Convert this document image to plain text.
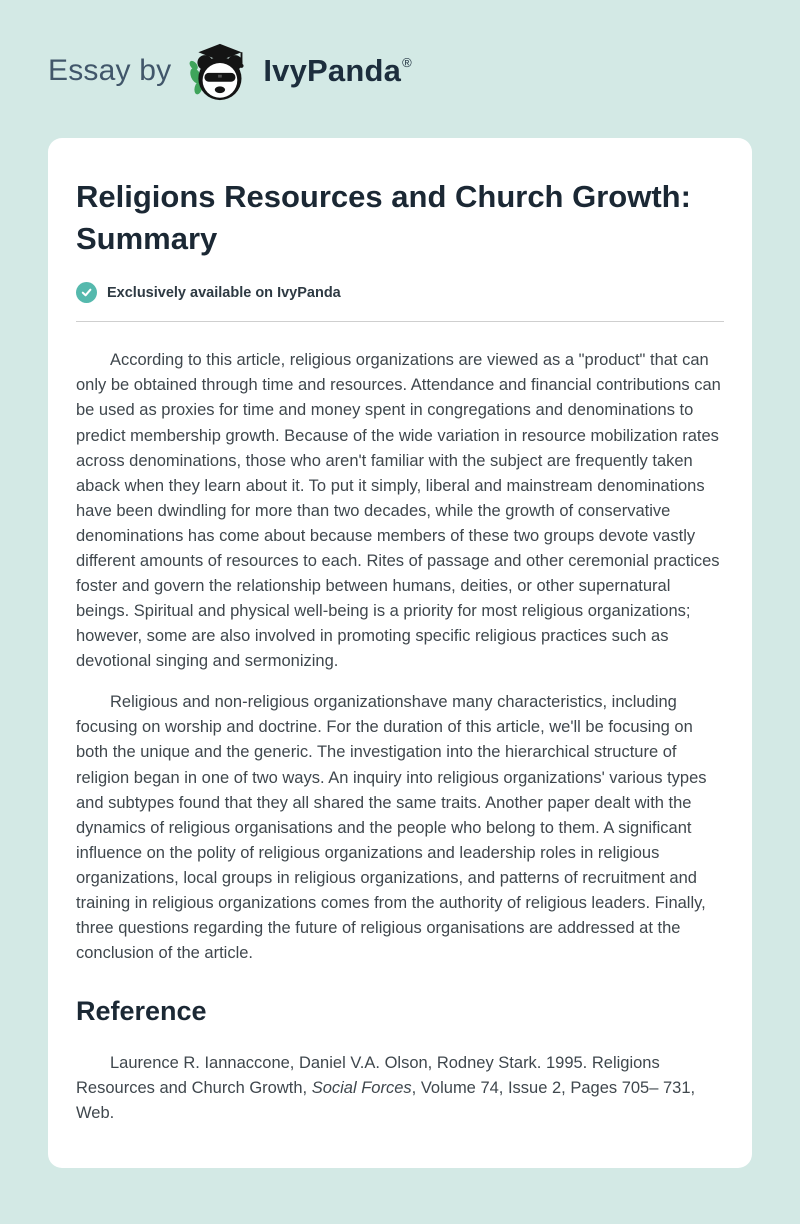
Essay by	IvyPanda®
Religions Resources and Church Growth: Summary
Exclusively available on IvyPanda

According to this article, religious organizations are viewed as a "product" that can only be obtained through time and resources. Attendance and financial contributions can be used as proxies for time and money spent in congregations and denominations to predict membership growth. Because of the wide variation in resource mobilization rates across denominations, those who aren't familiar with the subject are frequently taken aback when they learn about it. To put it simply, liberal and mainstream denominations have been dwindling for more than two decades, while the growth of conservative denominations has come about because members of these two groups devote vastly different amounts of resources to each. Rites of passage and other ceremonial practices foster and govern the relationship between humans, deities, or other supernatural beings. Spiritual and physical well-being is a priority for most religious organizations; however, some are also involved in promoting specific religious practices such as devotional singing and sermonizing.

Religious and non-religious organizationshave many characteristics, including focusing on worship and doctrine. For the duration of this article, we'll be focusing on both the unique and the generic. The investigation into the hierarchical structure of religion began in one of two ways. An inquiry into religious organizations' various types and subtypes found that they all shared the same traits. Another paper dealt with the dynamics of religious organisations and the people who belong to them. A significant influence on the polity of religious organizations and leadership roles in religious organizations, local groups in religious organizations, and patterns of recruitment and training in religious organizations comes from the authority of religious leaders. Finally, three questions regarding the future of religious organisations are addressed at the conclusion of the article.

Reference

Laurence R. Iannaccone, Daniel V.A. Olson, Rodney Stark. 1995. Religions Resources and Church Growth, Social Forces, Volume 74, Issue 2, Pages 705– 731, Web.
